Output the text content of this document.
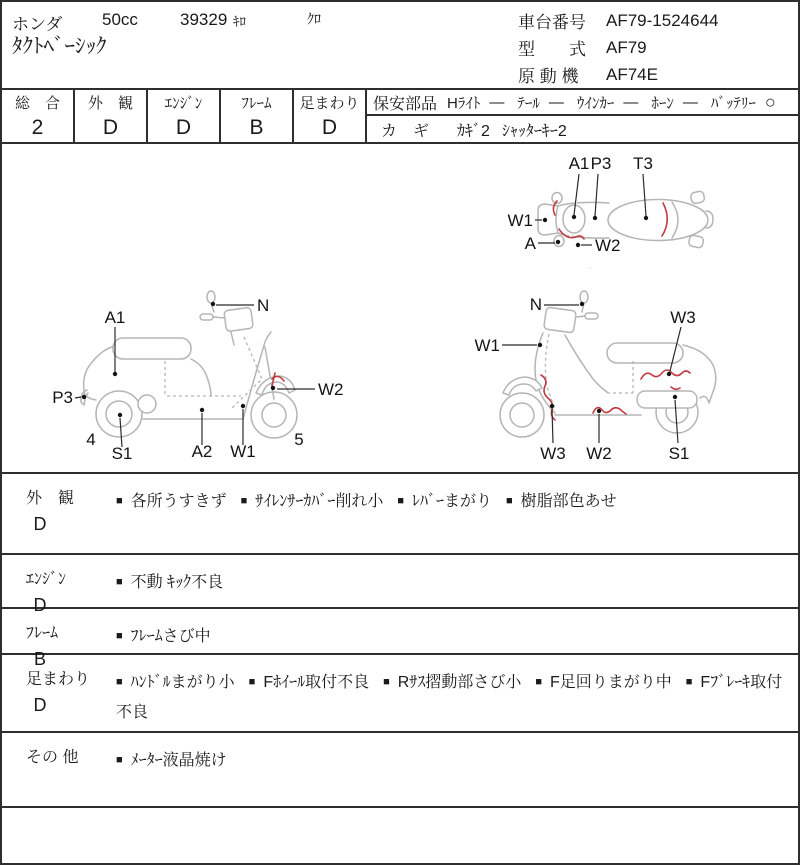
ホンダ 50cc 39329 ｷﾛ	ｸﾛ
ﾀｸﾄﾍﾞｰｼｯｸ
車台番号	AF79-1524644
型　　式	AF79
原 動 機	AF74E
総　合
2
外　観
D
ｴﾝｼﾞﾝ
D
ﾌﾚｰﾑ
B
足まわり
D
保安部品 Hﾗｲﾄ — ﾃｰﾙ — ｳｲﾝｶｰ — ﾎｰﾝ — ﾊﾞｯﾃﾘｰ ○
カ　ギ ｶｷﾞ2 ｼｬｯﾀｰｷｰ2
A1 P3 T3
W1
A	W2
N
A1
P3	W2
4
S1	A2 W1
5
N
W1
W3
W3 W2	S1
外　観
D
■ 各所うすきず ■ ｻｲﾚﾝｻｰｶﾊﾞｰ削れ小 ■ ﾚﾊﾞｰまがり ■ 樹脂部色あせ
ｴﾝｼﾞﾝ
D
■ 不動 ｷｯｸ不良
ﾌﾚｰﾑ
B
■ ﾌﾚｰﾑさび中
足まわり
D
■ ﾊﾝﾄﾞﾙまがり小 ■ Fﾎｲｰﾙ取付不良 ■ Rｻｽ摺動部さび小 ■ F足回りまがり中 ■ Fﾌﾞﾚｰｷ取付不良
その 他	■ ﾒｰﾀｰ液晶焼け
